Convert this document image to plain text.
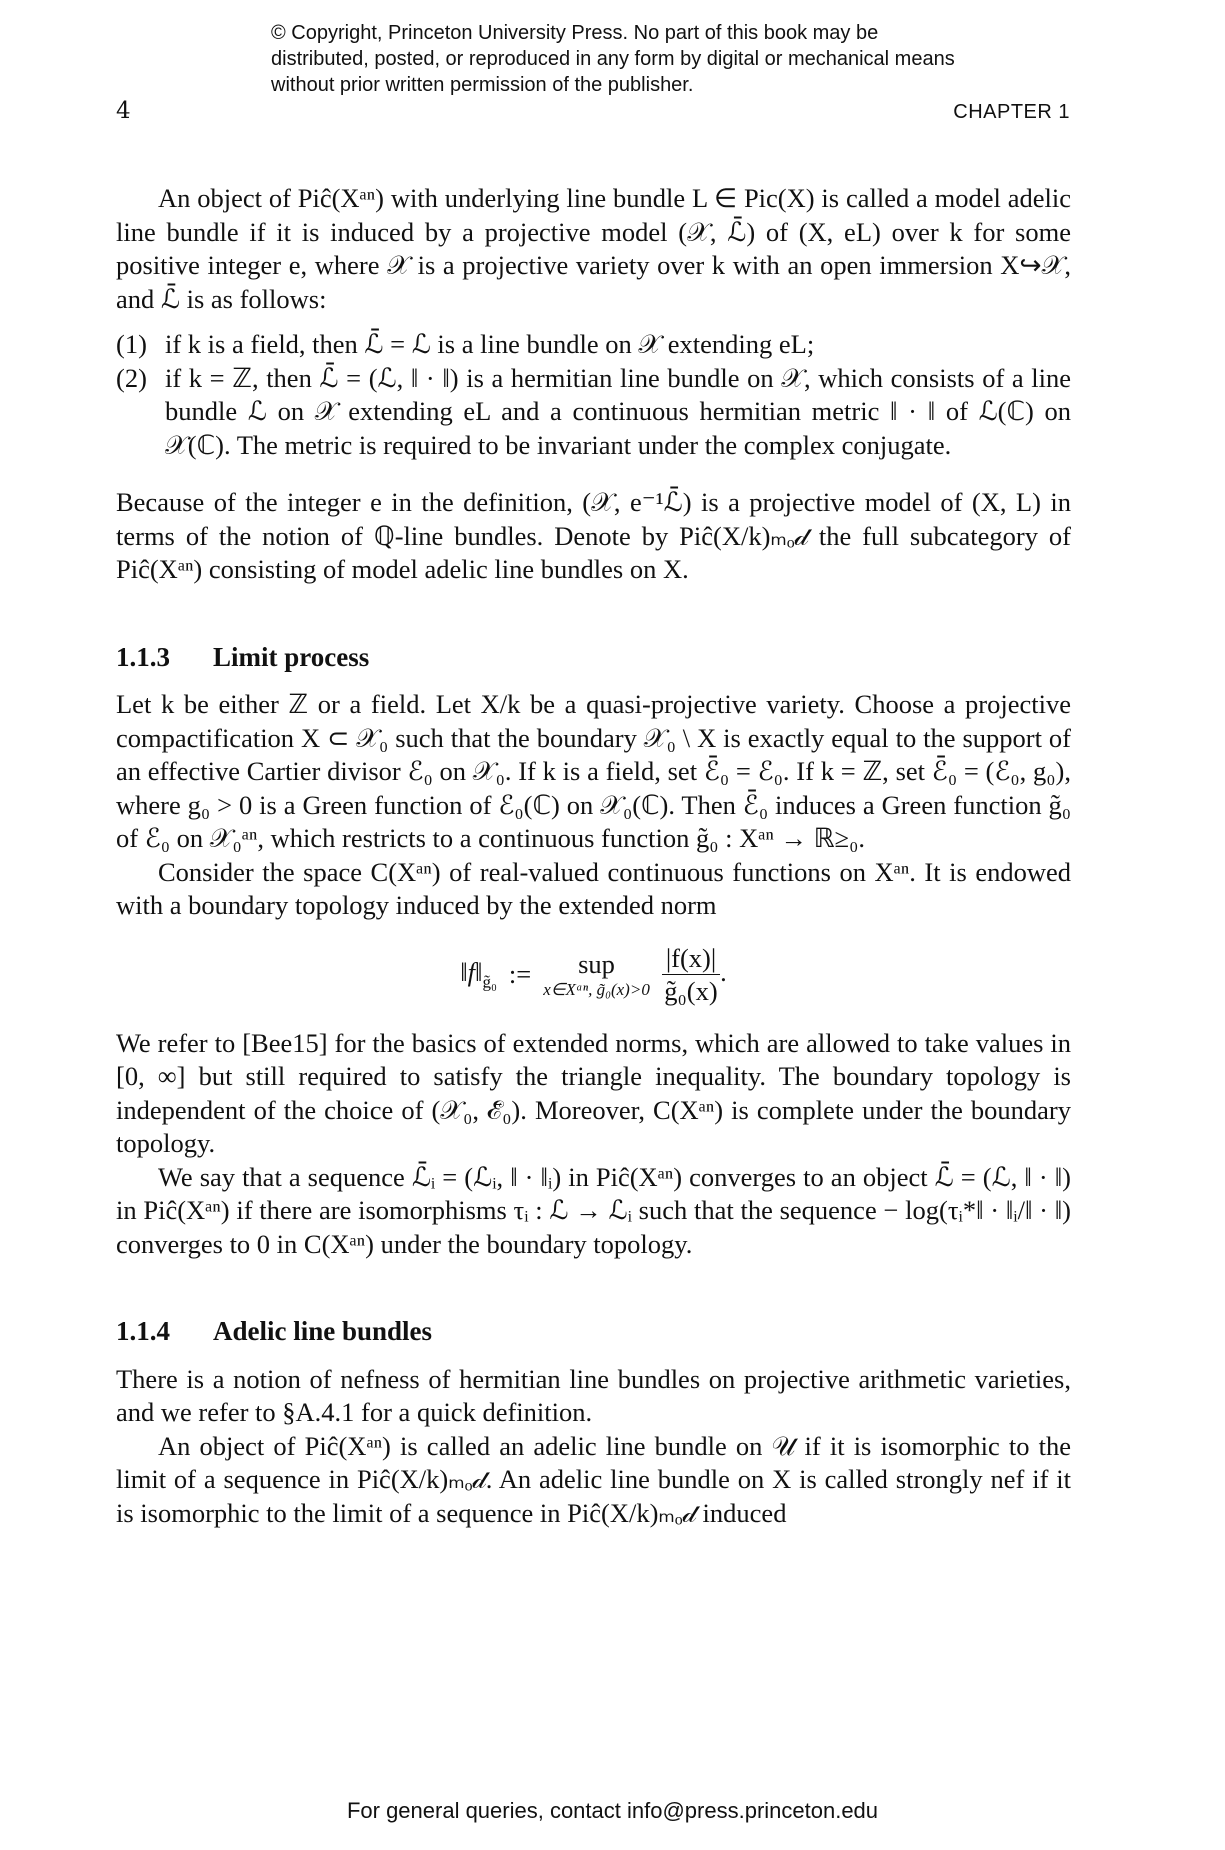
© Copyright, Princeton University Press. No part of this book may be distributed, posted, or reproduced in any form by digital or mechanical means without prior written permission of the publisher.
4	CHAPTER 1

An object of Piĉ(Xᵃⁿ) with underlying line bundle L ∈ Pic(X) is called a model adelic line bundle if it is induced by a projective model (𝒳, ℒ̄) of (X, eL) over k for some positive integer e, where 𝒳 is a projective variety over k with an open immersion X↪𝒳, and ℒ̄ is as follows:

(1) if k is a field, then ℒ̄ = ℒ is a line bundle on 𝒳 extending eL;
(2) if k = ℤ, then ℒ̄ = (ℒ, ‖ · ‖) is a hermitian line bundle on 𝒳, which consists of a line bundle ℒ on 𝒳 extending eL and a continuous hermitian metric ‖ · ‖ of ℒ(ℂ) on 𝒳(ℂ). The metric is required to be invariant under the complex conjugate.

Because of the integer e in the definition, (𝒳, e⁻¹ℒ̄) is a projective model of (X, L) in terms of the notion of ℚ-line bundles. Denote by Piĉ(X/k)ₘₒ𝒹 the full subcategory of Piĉ(Xᵃⁿ) consisting of model adelic line bundles on X.

1.1.3 Limit process

Let k be either ℤ or a field. Let X/k be a quasi-projective variety. Choose a projective compactification X ⊂ 𝒳₀ such that the boundary 𝒳₀ \ X is exactly equal to the support of an effective Cartier divisor ℰ₀ on 𝒳₀. If k is a field, set ℰ̄₀ = ℰ₀. If k = ℤ, set ℰ̄₀ = (ℰ₀, g₀), where g₀ > 0 is a Green function of ℰ₀(ℂ) on 𝒳₀(ℂ). Then ℰ̄₀ induces a Green function g̃₀ of ℰ₀ on 𝒳₀ᵃⁿ, which restricts to a continuous function g̃₀ : Xᵃⁿ → ℝ≥₀.

Consider the space C(Xᵃⁿ) of real-valued continuous functions on Xᵃⁿ. It is endowed with a boundary topology induced by the extended norm

$‖f‖_{g̃_0}$	:=	sup
x∈Xᵃⁿ, g̃₀(x)>0	$\frac{|f(x)|}{\text{g̃₀(x)}}$ .

We refer to [Bee15] for the basics of extended norms, which are allowed to take values in [0, ∞] but still required to satisfy the triangle inequality. The boundary topology is independent of the choice of (𝒳₀, ℰ̄₀). Moreover, C(Xᵃⁿ) is complete under the boundary topology.

We say that a sequence ℒ̄ᵢ = (ℒᵢ, ‖ · ‖ᵢ) in Piĉ(Xᵃⁿ) converges to an object ℒ̄ = (ℒ, ‖ · ‖) in Piĉ(Xᵃⁿ) if there are isomorphisms τᵢ : ℒ → ℒᵢ such that the sequence − log(τᵢ*‖ · ‖ᵢ/‖ · ‖) converges to 0 in C(Xᵃⁿ) under the boundary topology.

1.1.4 Adelic line bundles

There is a notion of nefness of hermitian line bundles on projective arithmetic varieties, and we refer to §A.4.1 for a quick definition.

An object of Piĉ(Xᵃⁿ) is called an adelic line bundle on 𝒰 if it is isomorphic to the limit of a sequence in Piĉ(X/k)ₘₒ𝒹. An adelic line bundle on X is called strongly nef if it is isomorphic to the limit of a sequence in Piĉ(X/k)ₘₒ𝒹 induced

For general queries, contact info@press.princeton.edu
